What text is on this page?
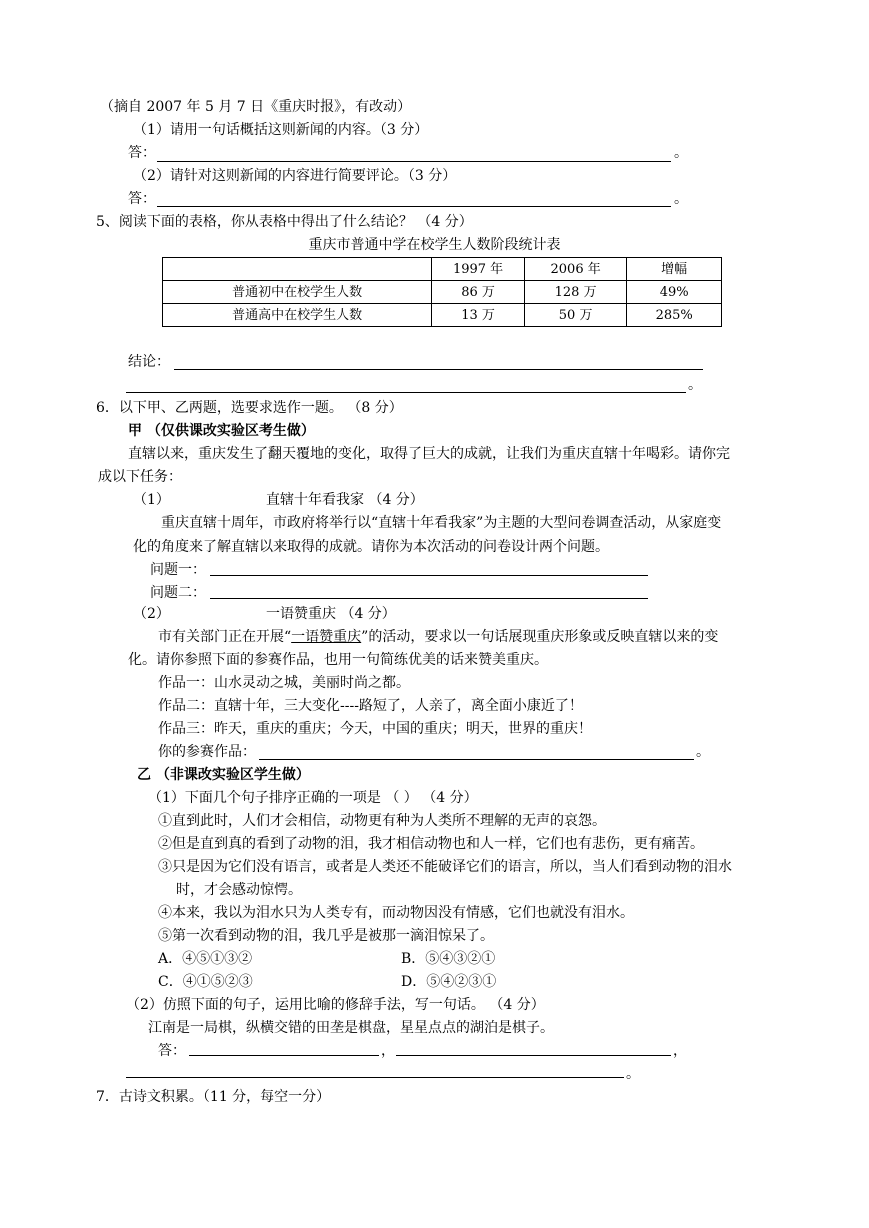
（摘自 2007 年 5 月 7 日《重庆时报》，有改动）
（1）请用一句话概括这则新闻的内容。（3 分）
答：	。
（2）请针对这则新闻的内容进行简要评论。（3 分）
答：	。
5、阅读下面的表格，你从表格中得出了什么结论？ （4 分）
重庆市普通中学在校学生人数阶段统计表
	1997 年	2006 年	增幅
普通初中在校学生人数	86 万	128 万	49%
普通高中在校学生人数	13 万	50 万	285%
结论：
。
6．以下甲、乙两题，选要求选作一题。 （8 分）
甲 （仅供课改实验区考生做）
直辖以来，重庆发生了翻天覆地的变化，取得了巨大的成就，让我们为重庆直辖十年喝彩。请你完
成以下任务：
（1）	直辖十年看我家 （4 分）
重庆直辖十周年，市政府将举行以“直辖十年看我家”为主题的大型问卷调查活动，从家庭变
化的角度来了解直辖以来取得的成就。请你为本次活动的问卷设计两个问题。
问题一：
问题二：
（2）	一语赞重庆 （4 分）
市有关部门正在开展“一语赞重庆”的活动，要求以一句话展现重庆形象或反映直辖以来的变
化。请你参照下面的参赛作品，也用一句简练优美的话来赞美重庆。
作品一：山水灵动之城，美丽时尚之都。
作品二：直辖十年，三大变化----路短了，人亲了，离全面小康近了！
作品三：昨天，重庆的重庆；今天，中国的重庆；明天，世界的重庆！
你的参赛作品：	。
乙 （非课改实验区学生做）
（1）下面几个句子排序正确的一项是 （ ） （4 分）
①直到此时，人们才会相信，动物更有种为人类所不理解的无声的哀怨。
②但是直到真的看到了动物的泪，我才相信动物也和人一样，它们也有悲伤，更有痛苦。
③只是因为它们没有语言，或者是人类还不能破译它们的语言，所以，当人们看到动物的泪水
时，才会感动惊愕。
④本来，我以为泪水只为人类专有，而动物因没有情感，它们也就没有泪水。
⑤第一次看到动物的泪，我几乎是被那一滴泪惊呆了。
A．④⑤①③②	B．⑤④③②①
C．④①⑤②③	D．⑤④②③①
（2）仿照下面的句子，运用比喻的修辞手法，写一句话。 （4 分）
江南是一局棋，纵横交错的田垄是棋盘，星星点点的湖泊是棋子。
答：	，	，
。
7．古诗文积累。（11 分，每空一分）
